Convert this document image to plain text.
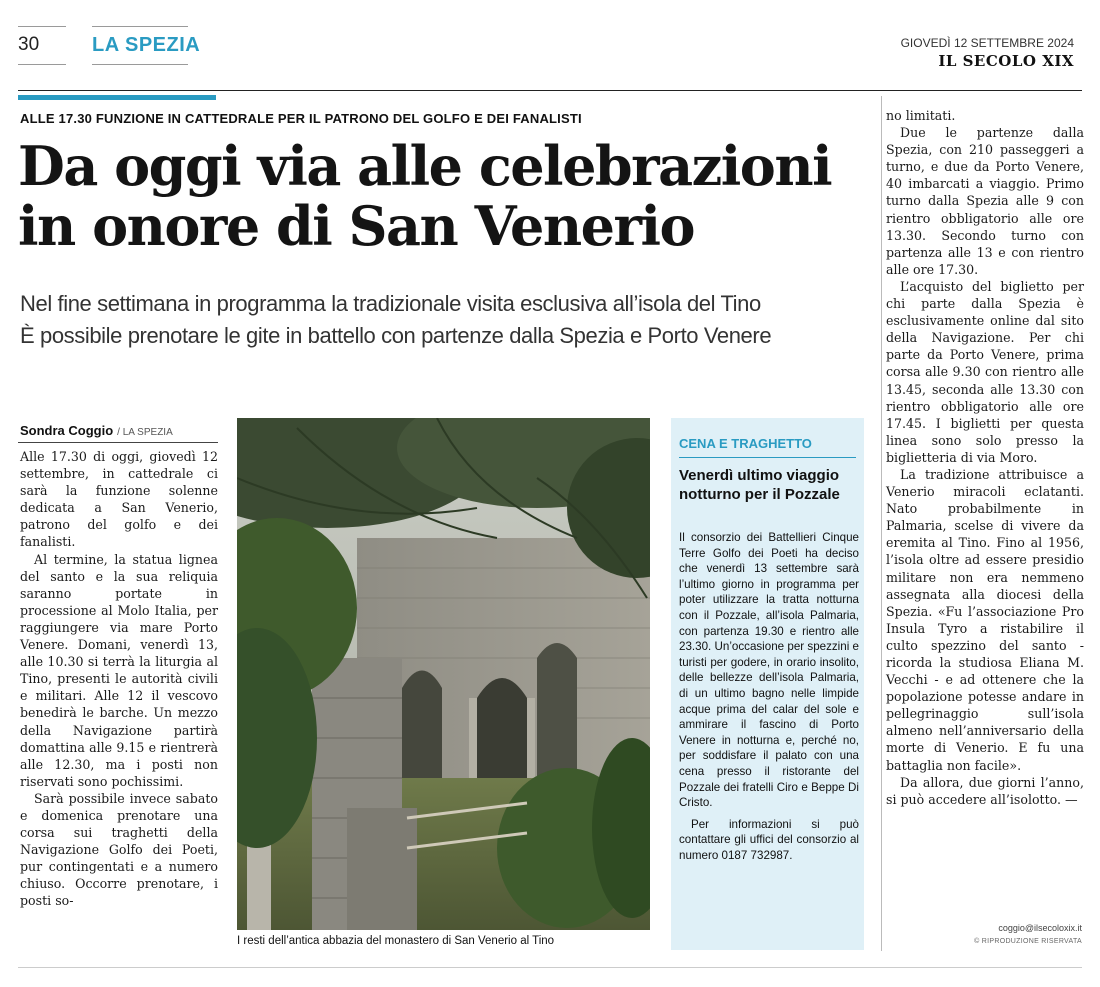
30	LA SPEZIA	GIOVEDÌ 12 SETTEMBRE 2024
IL SECOLO XIX
ALLE 17.30 FUNZIONE IN CATTEDRALE PER IL PATRONO DEL GOLFO E DEI FANALISTI
Da oggi via alle celebrazioni
in onore di San Venerio
Nel fine settimana in programma la tradizionale visita esclusiva all’isola del Tino
È possibile prenotare le gite in battello con partenze dalla Spezia e Porto Venere
Sondra Coggio / LA SPEZIA

Alle 17.30 di oggi, giovedì 12 settembre, in cattedrale ci sarà la funzione solenne dedicata a San Venerio, patrono del golfo e dei fanalisti.

Al termine, la statua lignea del santo e la sua reliquia saranno portate in processione al Molo Italia, per raggiungere via mare Porto Venere. Domani, venerdì 13, alle 10.30 si terrà la liturgia al Tino, presenti le autorità civili e militari. Alle 12 il vescovo benedirà le barche. Un mezzo della Navigazione partirà domattina alle 9.15 e rientrerà alle 12.30, ma i posti non riservati sono pochissimi.

Sarà possibile invece sabato e domenica prenotare una corsa sui traghetti della Navigazione Golfo dei Poeti, pur contingentati e a numero chiuso. Occorre prenotare, i posti so-

I resti dell’antica abbazia del monastero di San Venerio al Tino
CENA E TRAGHETTO
Venerdì ultimo viaggio notturno per il Pozzale

Il consorzio dei Battellieri Cinque Terre Golfo dei Poeti ha deciso che venerdì 13 settembre sarà l’ultimo giorno in programma per poter utilizzare la tratta notturna con il Pozzale, all’isola Palmaria, con partenza 19.30 e rientro alle 23.30. Un’occasione per spezzini e turisti per godere, in orario insolito, delle bellezze dell’isola Palmaria, di un ultimo bagno nelle limpide acque prima del calar del sole e ammirare il fascino di Porto Venere in notturna e, perché no, per soddisfare il palato con una cena presso il ristorante del Pozzale dei fratelli Ciro e Beppe Di Cristo.

Per informazioni si può contattare gli uffici del consorzio al numero 0187 732987.

no limitati.

Due le partenze dalla Spezia, con 210 passeggeri a turno, e due da Porto Venere, 40 imbarcati a viaggio. Primo turno dalla Spezia alle 9 con rientro obbligatorio alle ore 13.30. Secondo turno con partenza alle 13 e con rientro alle ore 17.30.

L’acquisto del biglietto per chi parte dalla Spezia è esclusivamente online dal sito della Navigazione. Per chi parte da Porto Venere, prima corsa alle 9.30 con rientro alle 13.45, seconda alle 13.30 con rientro obbligatorio alle ore 17.45. I biglietti per questa linea sono solo presso la biglietteria di via Moro.

La tradizione attribuisce a Venerio miracoli eclatanti. Nato probabilmente in Palmaria, scelse di vivere da eremita al Tino. Fino al 1956, l’isola oltre ad essere presidio militare non era nemmeno assegnata alla diocesi della Spezia. «Fu l’associazione Pro Insula Tyro a ristabilire il culto spezzino del santo - ricorda la studiosa Eliana M. Vecchi - e ad ottenere che la popolazione potesse andare in pellegrinaggio sull’isola almeno nell’anniversario della morte di Venerio. E fu una battaglia non facile».

Da allora, due giorni l’anno, si può accedere all’isolotto. —

coggio@ilsecoloxix.it
© RIPRODUZIONE RISERVATA
